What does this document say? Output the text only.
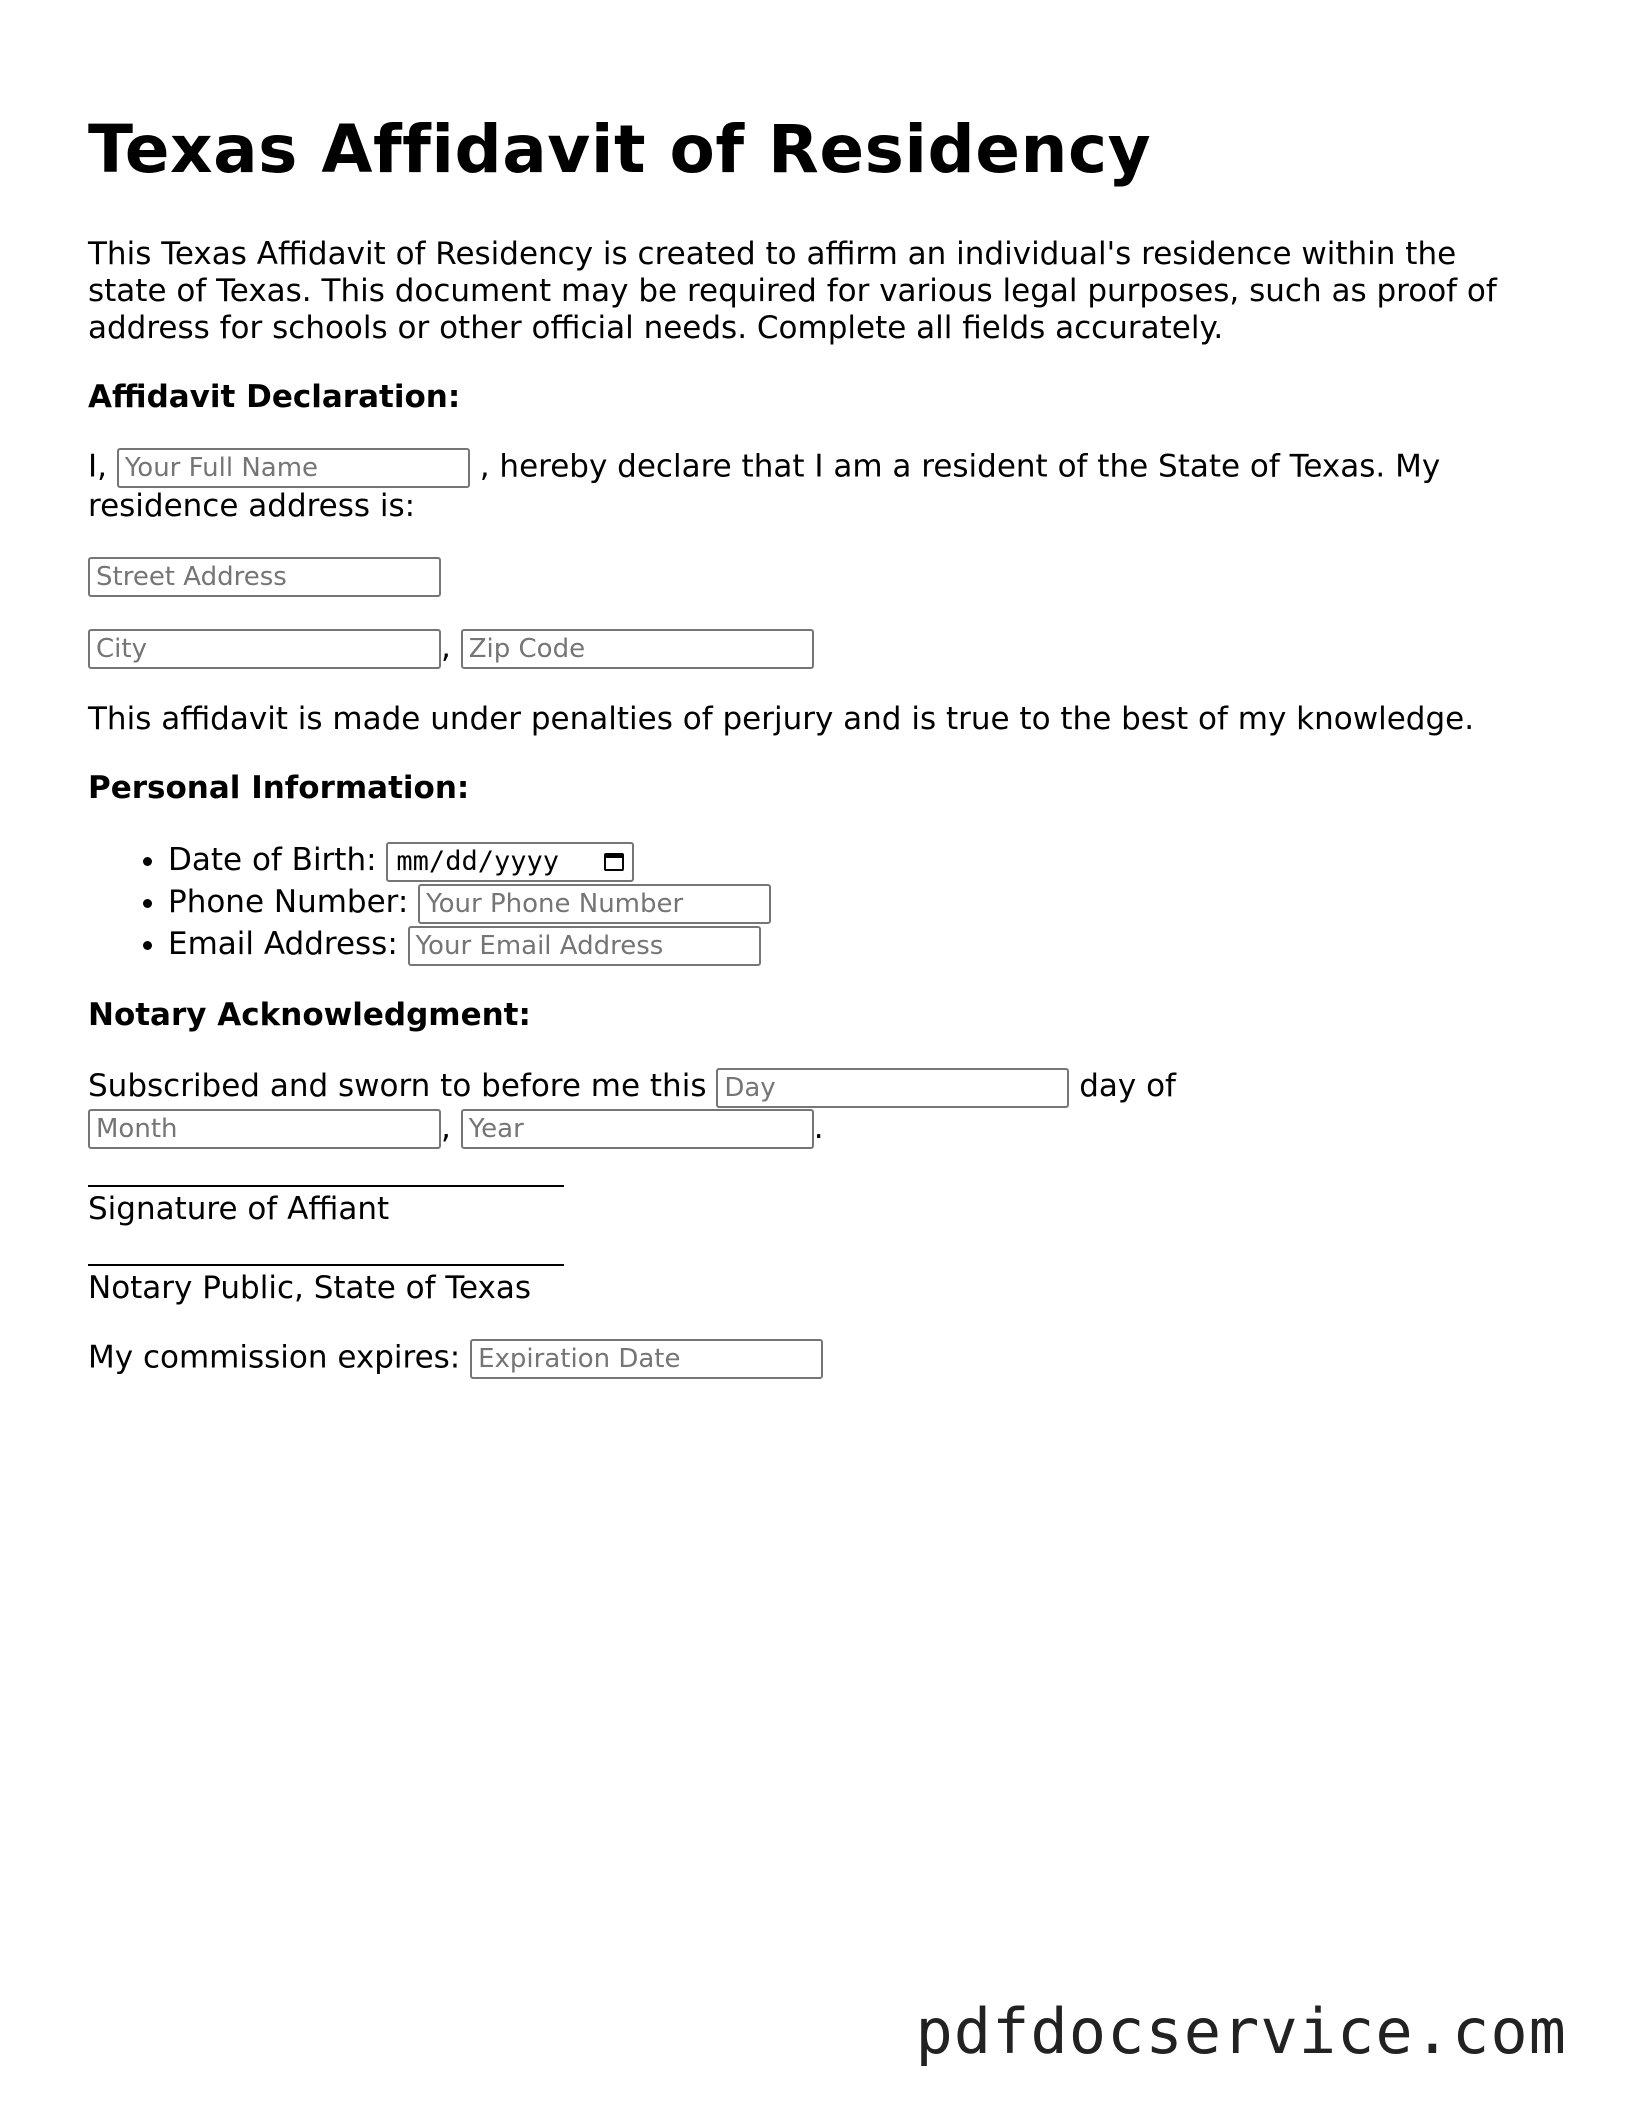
Texas Affidavit of Residency

This Texas Affidavit of Residency is created to affirm an individual's residence within the state of Texas. This document may be required for various legal purposes, such as proof of address for schools or other official needs. Complete all fields accurately.

Affidavit Declaration:

I, Your Full Name	, hereby declare that I am a resident of the State of Texas. My residence address is:

Street Address
City	, Zip Code

This affidavit is made under penalties of perjury and is true to the best of my knowledge.

Personal Information:
• Date of Birth: mm/dd/yyyy
• Phone Number: Your Phone Number
• Email Address: Your Email Address
Notary Acknowledgment:

Subscribed and sworn to before me this Day	day of
Month	, Year	.

Signature of Affiant
Notary Public, State of Texas

My commission expires: Expiration Date

pdfdocservice.com
